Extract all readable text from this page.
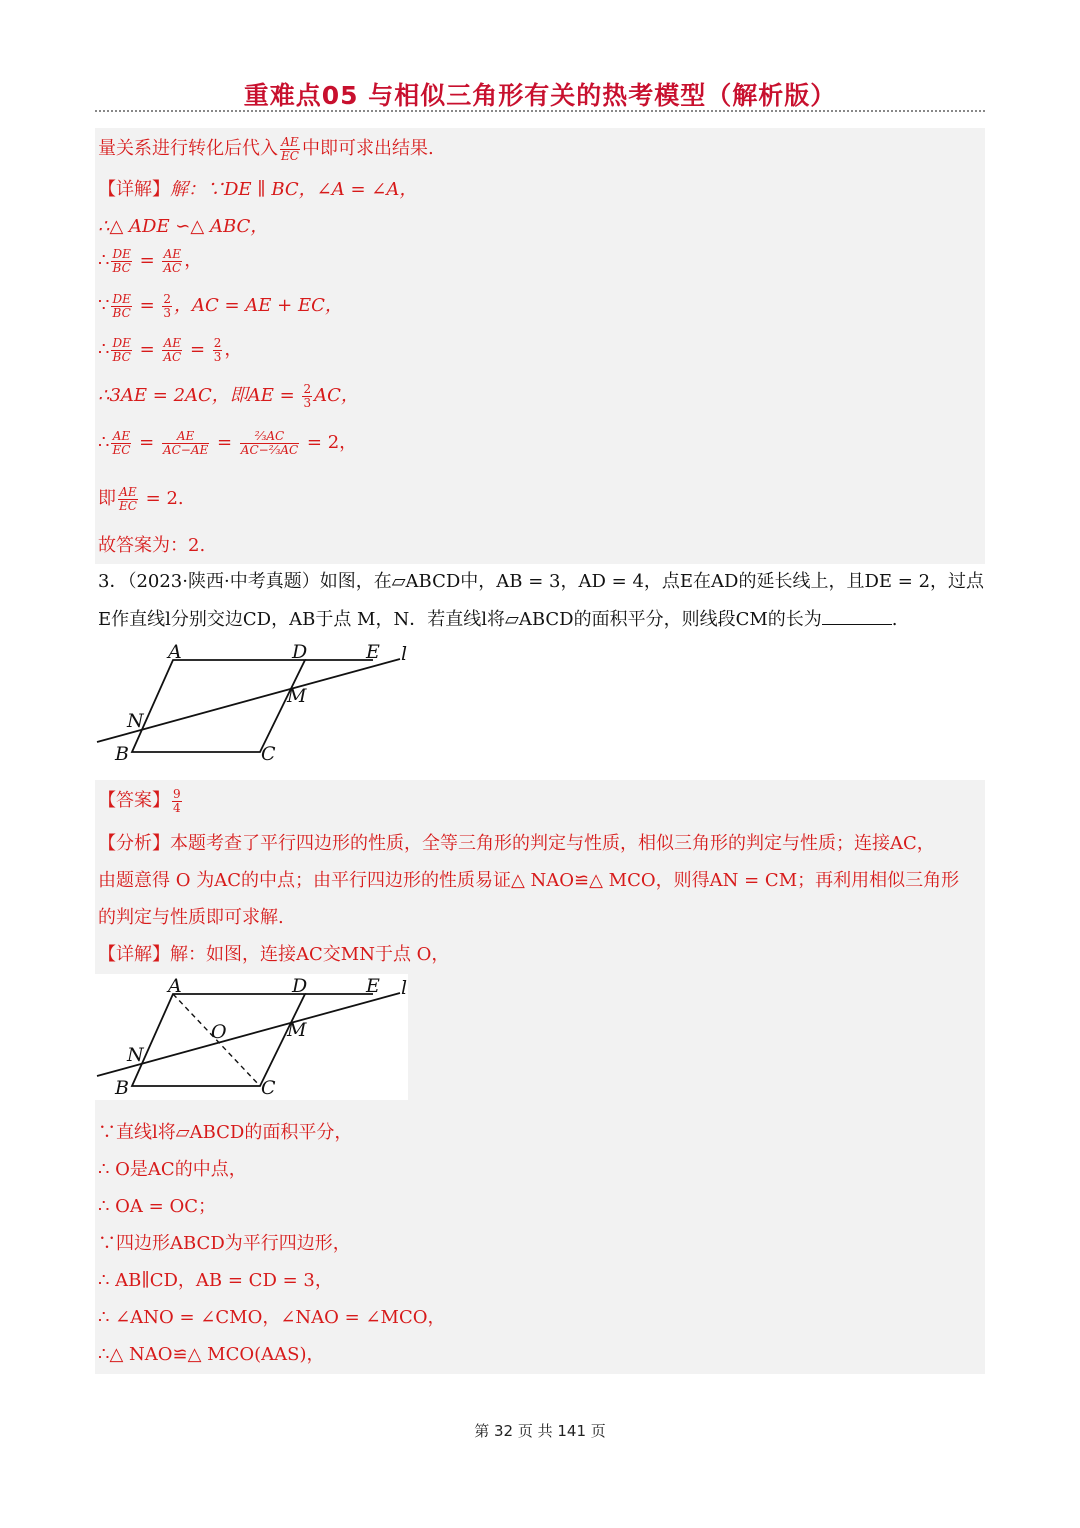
重难点05 与相似三角形有关的热考模型（解析版）
量关系进行转化后代入 $\frac{AE}{EC}$ 中即可求出结果.
【详解】解：∵DE ∥ BC，∠A = ∠A，
∴△ ADE ∽△ ABC，
∴ $\frac{DE}{BC} = \frac{AE}{AC}$ ，
∵ $\frac{DE}{BC} = \frac{2}{3}$ ，AC = AE + EC，
∴ $\frac{DE}{BC} = \frac{AE}{AC} = \frac{2}{3}$ ，
∴3AE = 2AC，即AE = $\frac{2}{3}$ AC，
∴ $\frac{AE}{EC} = \frac{AE}{AC-AE} = \frac{\text{⅔AC}}{\text{AC−⅔AC}} = 2$，
即 $\frac{AE}{EC} = 2$.
故答案为：2.
3．（2023·陕西·中考真题）如图，在▱ABCD中，AB = 3，AD = 4，点E在AD的延长线上，且DE = 2，过点
E作直线l分别交边CD，AB于点 M，N．若直线l将▱ABCD的面积平分，则线段CM的长为	.
A	D	E l
M
N
B	C
【答案】 $\frac{9}{4}$
【分析】本题考查了平行四边形的性质，全等三角形的判定与性质，相似三角形的判定与性质；连接AC，
由题意得 O 为AC的中点；由平行四边形的性质易证△ NAO≌△ MCO，则得AN = CM；再利用相似三角形
的判定与性质即可求解.
【详解】解：如图，连接AC交MN于点 O，
A	D	E l
O	M
N
B	C
∵直线l将▱ABCD的面积平分，
∴ O是AC的中点，
∴ OA = OC；
∵四边形ABCD为平行四边形，
∴ AB∥CD，AB = CD = 3，
∴ ∠ANO = ∠CMO，∠NAO = ∠MCO，
∴△ NAO≌△ MCO(AAS)，
第 32 页 共 141 页
